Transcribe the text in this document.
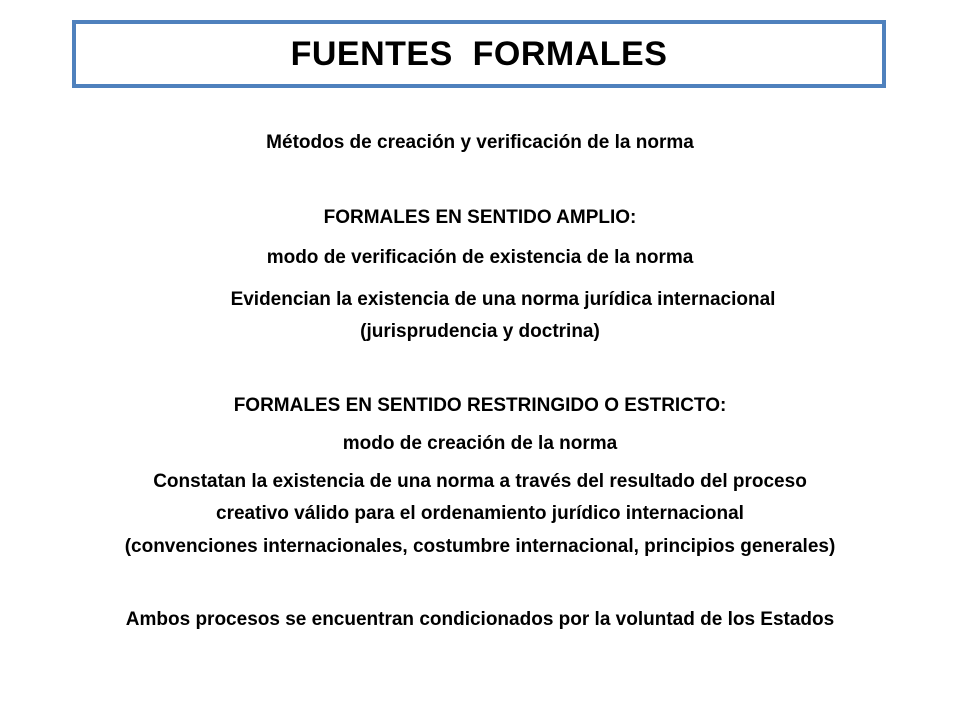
FUENTES  FORMALES
Métodos de creación y verificación de la norma
FORMALES EN SENTIDO AMPLIO:
modo de verificación de existencia de la norma
Evidencian la existencia de una norma jurídica internacional
(jurisprudencia y doctrina)
FORMALES EN SENTIDO RESTRINGIDO O ESTRICTO:
modo de creación de la norma
Constatan la existencia de una norma a través del resultado del proceso
creativo válido para el ordenamiento jurídico internacional
(convenciones internacionales, costumbre internacional, principios generales)
Ambos procesos se encuentran condicionados por la voluntad de los Estados
